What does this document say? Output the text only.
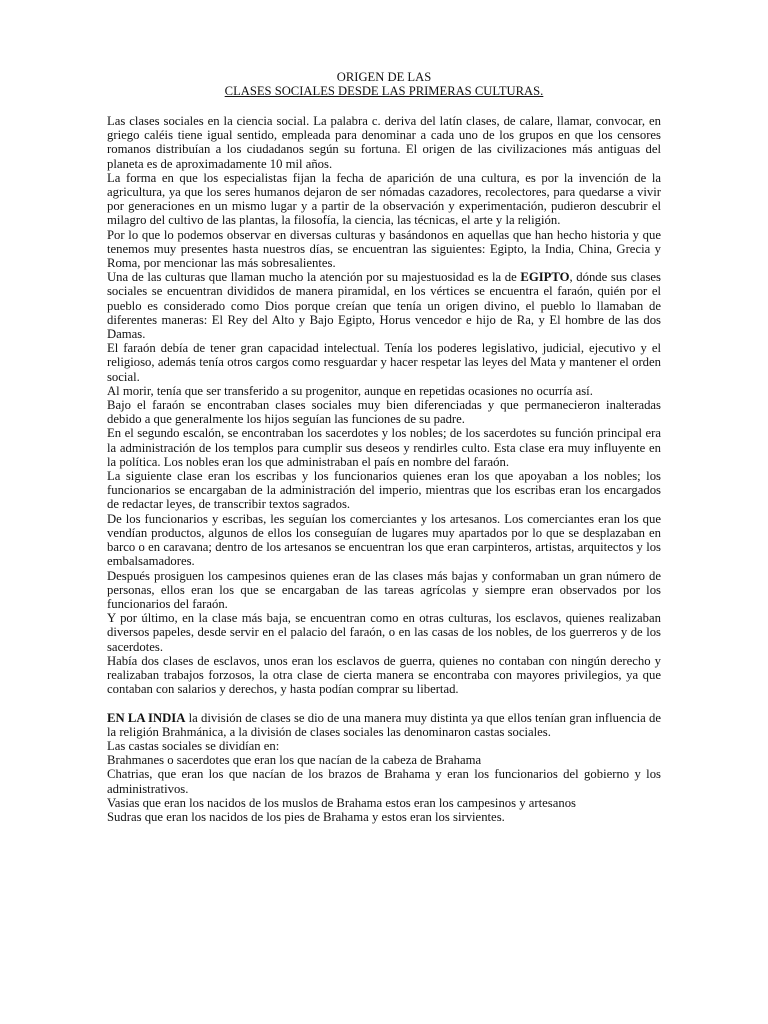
ORIGEN DE LAS
CLASES SOCIALES DESDE LAS PRIMERAS CULTURAS.

Las clases sociales en la ciencia social. La palabra c. deriva del latín clases, de calare, llamar, convocar, en griego caléis tiene igual sentido, empleada para denominar a cada uno de los grupos en que los censores romanos distribuían a los ciudadanos según su fortuna. El origen de las civilizaciones más antiguas del planeta es de aproximadamente 10 mil años.

La forma en que los especialistas fijan la fecha de aparición de una cultura, es por la invención de la agricultura, ya que los seres humanos dejaron de ser nómadas cazadores, recolectores, para quedarse a vivir por generaciones en un mismo lugar y a partir de la observación y experimentación, pudieron descubrir el milagro del cultivo de las plantas, la filosofía, la ciencia, las técnicas, el arte y la religión.

Por lo que lo podemos observar en diversas culturas y basándonos en aquellas que han hecho historia y que tenemos muy presentes hasta nuestros días, se encuentran las siguientes: Egipto, la India, China, Grecia y Roma, por mencionar las más sobresalientes.

Una de las culturas que llaman mucho la atención por su majestuosidad es la de EGIPTO, dónde sus clases sociales se encuentran divididos de manera piramidal, en los vértices se encuentra el faraón, quién por el pueblo es considerado como Dios porque creían que tenía un origen divino, el pueblo lo llamaban de diferentes maneras: El Rey del Alto y Bajo Egipto, Horus vencedor e hijo de Ra, y El hombre de las dos Damas.

El faraón debía de tener gran capacidad intelectual. Tenía los poderes legislativo, judicial, ejecutivo y el religioso, además tenía otros cargos como resguardar y hacer respetar las leyes del Mata y mantener el orden social.

Al morir, tenía que ser transferido a su progenitor, aunque en repetidas ocasiones no ocurría así.

Bajo el faraón se encontraban clases sociales muy bien diferenciadas y que permanecieron inalteradas debido a que generalmente los hijos seguían las funciones de su padre.

En el segundo escalón, se encontraban los sacerdotes y los nobles; de los sacerdotes su función principal era la administración de los templos para cumplir sus deseos y rendirles culto. Esta clase era muy influyente en la política. Los nobles eran los que administraban el país en nombre del faraón.

La siguiente clase eran los escribas y los funcionarios quienes eran los que apoyaban a los nobles; los funcionarios se encargaban de la administración del imperio, mientras que los escribas eran los encargados de redactar leyes, de transcribir textos sagrados.

De los funcionarios y escribas, les seguían los comerciantes y los artesanos. Los comerciantes eran los que vendían productos, algunos de ellos los conseguían de lugares muy apartados por lo que se desplazaban en barco o en caravana; dentro de los artesanos se encuentran los que eran carpinteros, artistas, arquitectos y los embalsamadores.

Después prosiguen los campesinos quienes eran de las clases más bajas y conformaban un gran número de personas, ellos eran los que se encargaban de las tareas agrícolas y siempre eran observados por los funcionarios del faraón.

Y por último, en la clase más baja, se encuentran como en otras culturas, los esclavos, quienes realizaban diversos papeles, desde servir en el palacio del faraón, o en las casas de los nobles, de los guerreros y de los sacerdotes.

Había dos clases de esclavos, unos eran los esclavos de guerra, quienes no contaban con ningún derecho y realizaban trabajos forzosos, la otra clase de cierta manera se encontraba con mayores privilegios, ya que contaban con salarios y derechos, y hasta podían comprar su libertad.

EN LA INDIA la división de clases se dio de una manera muy distinta ya que ellos tenían gran influencia de la religión Brahmánica, a la división de clases sociales las denominaron castas sociales.

Las castas sociales se dividían en:

Brahmanes o sacerdotes que eran los que nacían de la cabeza de Brahama

Chatrias, que eran los que nacían de los brazos de Brahama y eran los funcionarios del gobierno y los administrativos.

Vasias que eran los nacidos de los muslos de Brahama estos eran los campesinos y artesanos

Sudras que eran los nacidos de los pies de Brahama y estos eran los sirvientes.
